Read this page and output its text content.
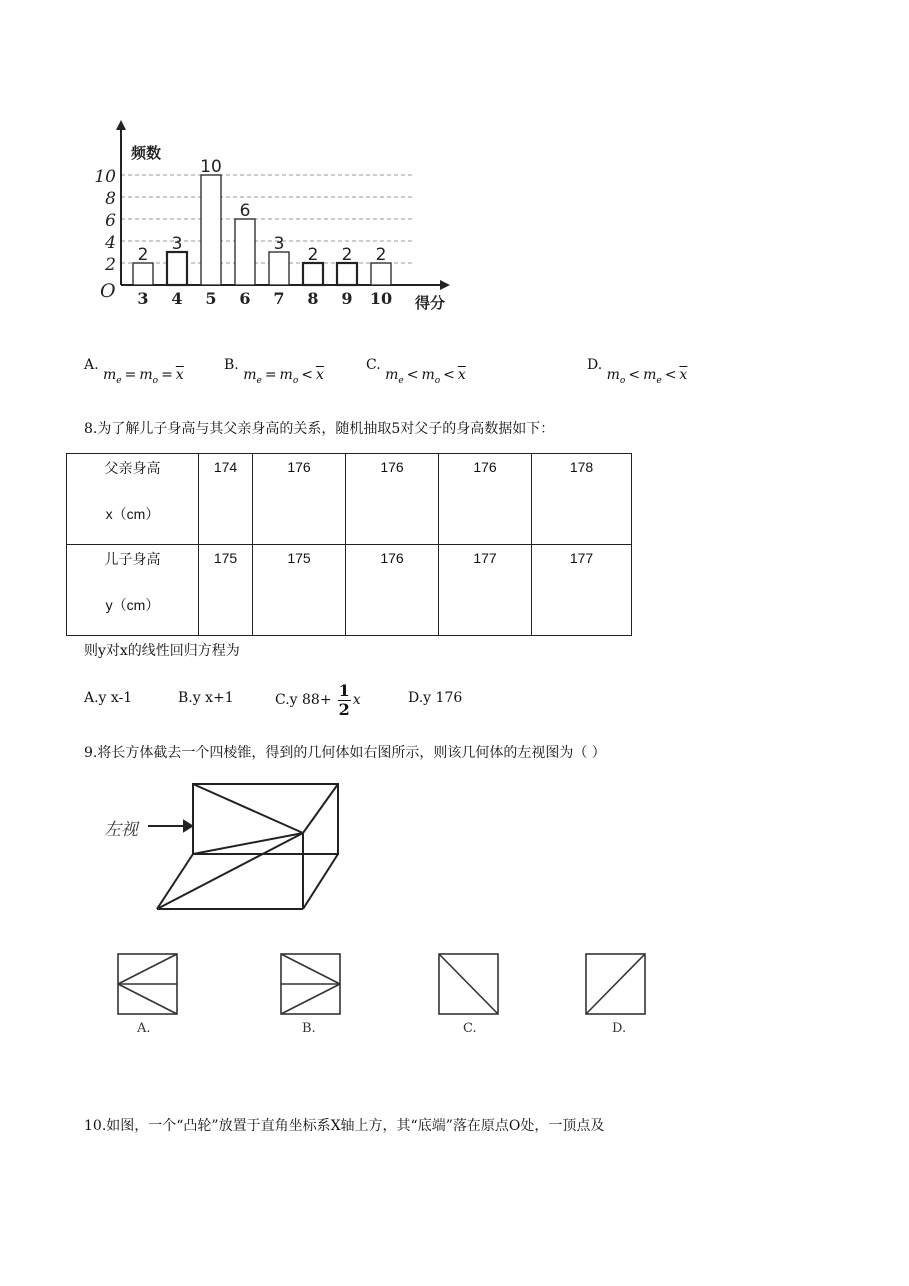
2
4
6
8
10
频数
得分
O
2
3
3
4
10
5
6
6
3
7
2
8
2
9
2
10
A. $m_e = m_o = \overline{x}$
B. $m_e = m_o < \overline{x}$
C. $m_e < m_o < \overline{x}$
D. $m_o < m_e < \overline{x}$
8.为了解儿子身高与其父亲身高的关系，随机抽取5对父子的身高数据如下：
父亲身高
x（cm）	174	176	176	176	178

儿子身高
y（cm）	175	175	176	177	177
则y对x的线性回归方程为
A.y x-1	B.y x+1	C.y $88+ \frac{1}{2}$ x	D.y 176
9.将长方体截去一个四棱锥，得到的几何体如右图所示，则该几何体的左视图为（ ）
左视
A.	B.	C.	D.
10.如图，一个“凸轮”放置于直角坐标系X轴上方，其“底端”落在原点O处，一顶点及
